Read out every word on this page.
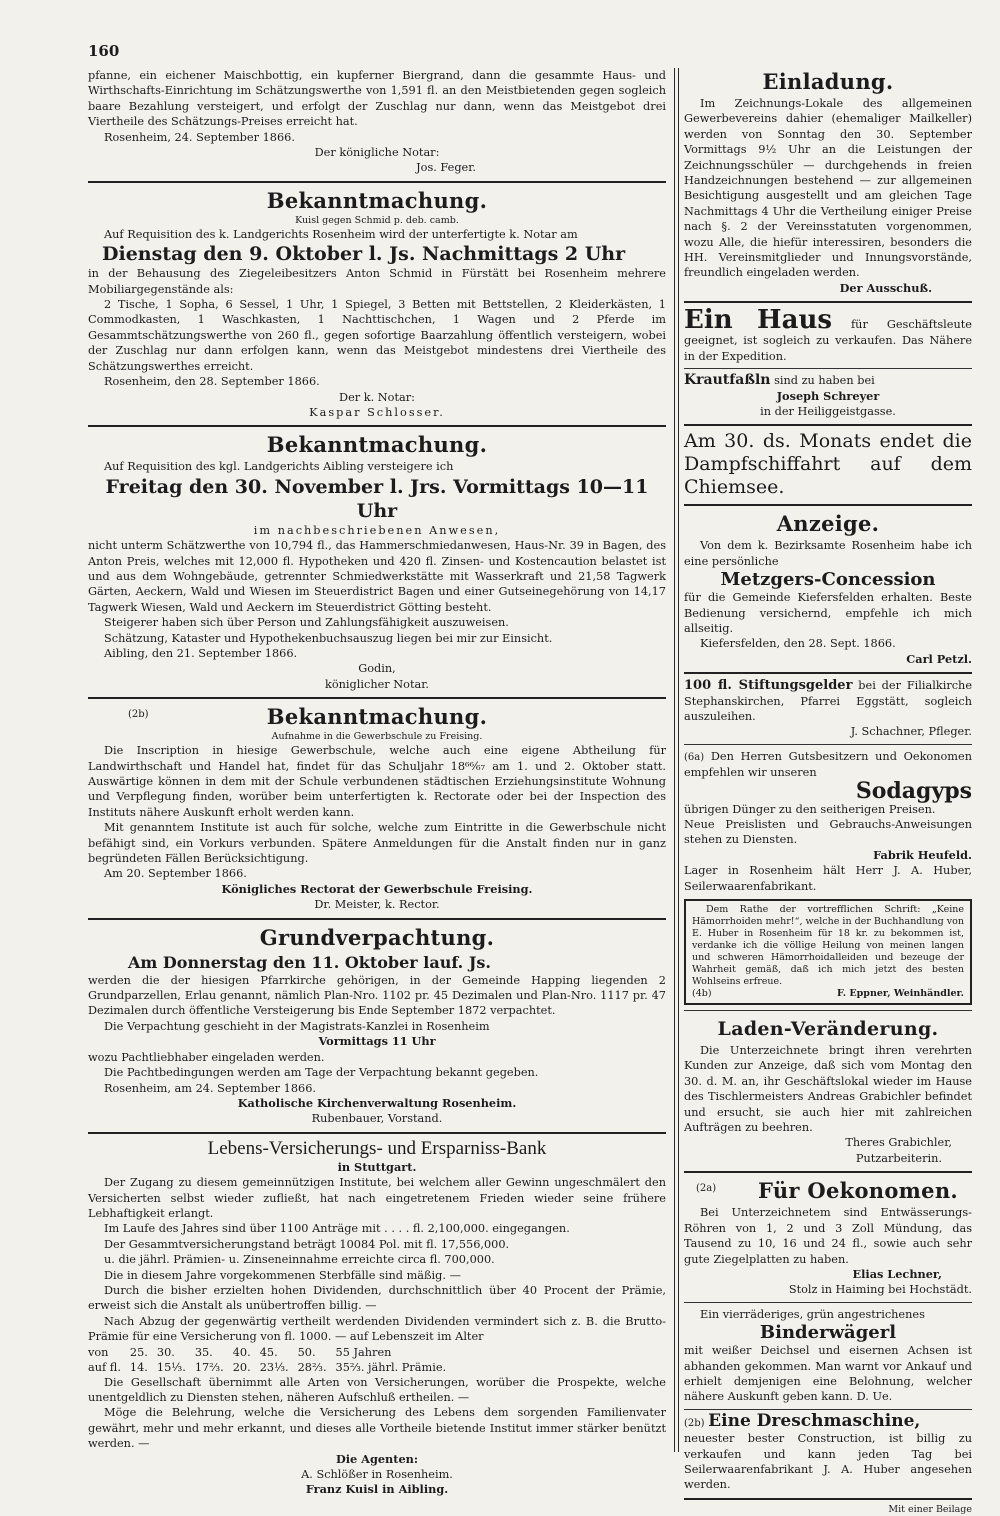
160

pfanne, ein eichener Maischbottig, ein kupferner Biergrand, dann die gesammte Haus- und Wirthschafts-Einrichtung im Schätzungswerthe von 1,591 fl. an den Meistbietenden gegen sogleich baare Bezahlung versteigert, und erfolgt der Zuschlag nur dann, wenn das Meistgebot drei Viertheile des Schätzungs-Preises erreicht hat.

Rosenheim, 24. September 1866.

Der königliche Notar:

Jos. Feger.

Bekanntmachung.

Kuisl gegen Schmid p. deb. camb.

Auf Requisition des k. Landgerichts Rosenheim wird der unterfertigte k. Notar am

Dienstag den 9. Oktober l. Js. Nachmittags 2 Uhr

in der Behausung des Ziegeleibesitzers Anton Schmid in Fürstätt bei Rosenheim mehrere Mobiliargegenstände als:

2 Tische, 1 Sopha, 6 Sessel, 1 Uhr, 1 Spiegel, 3 Betten mit Bettstellen, 2 Kleiderkästen, 1 Commodkasten, 1 Waschkasten, 1 Nachttischchen, 1 Wagen und 2 Pferde im Gesammtschätzungswerthe von 260 fl., gegen sofortige Baarzahlung öffentlich versteigern, wobei der Zuschlag nur dann erfolgen kann, wenn das Meistgebot mindestens drei Viertheile des Schätzungswerthes erreicht.

Rosenheim, den 28. September 1866.

Der k. Notar:

Kaspar Schlosser.

Bekanntmachung.

Auf Requisition des kgl. Landgerichts Aibling versteigere ich

Freitag den 30. November l. Jrs. Vormittags 10—11 Uhr

im nachbeschriebenen Anwesen,

nicht unterm Schätzwerthe von 10,794 fl., das Hammerschmiedanwesen, Haus-Nr. 39 in Bagen, des Anton Preis, welches mit 12,000 fl. Hypotheken und 420 fl. Zinsen- und Kostencaution belastet ist und aus dem Wohngebäude, getrennter Schmiedwerkstätte mit Wasserkraft und 21,58 Tagwerk Gärten, Aeckern, Wald und Wiesen im Steuerdistrict Bagen und einer Gutseinegehörung von 14,17 Tagwerk Wiesen, Wald und Aeckern im Steuerdistrict Götting besteht.

Steigerer haben sich über Person und Zahlungsfähigkeit auszuweisen.

Schätzung, Kataster und Hypothekenbuchsauszug liegen bei mir zur Einsicht.

Aibling, den 21. September 1866.

Godin,

königlicher Notar.

(2b)	Bekanntmachung.

Aufnahme in die Gewerbschule zu Freising.

Die Inscription in hiesige Gewerbschule, welche auch eine eigene Abtheilung für Landwirthschaft und Handel hat, findet für das Schuljahr 18⁶⁶⁄₆₇ am 1. und 2. Oktober statt. Auswärtige können in dem mit der Schule verbundenen städtischen Erziehungsinstitute Wohnung und Verpflegung finden, worüber beim unterfertigten k. Rectorate oder bei der Inspection des Instituts nähere Auskunft erholt werden kann.

Mit genanntem Institute ist auch für solche, welche zum Eintritte in die Gewerbschule nicht befähigt sind, ein Vorkurs verbunden. Spätere Anmeldungen für die Anstalt finden nur in ganz begründeten Fällen Berücksichtigung.

Am 20. September 1866.

Königliches Rectorat der Gewerbschule Freising.

Dr. Meister, k. Rector.

Grundverpachtung.

Am Donnerstag den 11. Oktober lauf. Js.

werden die der hiesigen Pfarrkirche gehörigen, in der Gemeinde Happing liegenden 2 Grundparzellen, Erlau genannt, nämlich Plan-Nro. 1102 pr. 45 Dezimalen und Plan-Nro. 1117 pr. 47 Dezimalen durch öffentliche Versteigerung bis Ende September 1872 verpachtet.

Die Verpachtung geschieht in der Magistrats-Kanzlei in Rosenheim

Vormittags 11 Uhr

wozu Pachtliebhaber eingeladen werden.

Die Pachtbedingungen werden am Tage der Verpachtung bekannt gegeben.

Rosenheim, am 24. September 1866.

Katholische Kirchenverwaltung Rosenheim.

Rubenbauer, Vorstand.

Lebens-Versicherungs- und Ersparniss-Bank

in Stuttgart.

Der Zugang zu diesem gemeinnützigen Institute, bei welchem aller Gewinn ungeschmälert den Versicherten selbst wieder zufließt, hat nach eingetretenem Frieden wieder seine frühere Lebhaftigkeit erlangt.

Im Laufe des Jahres sind über 1100 Anträge mit . . . . fl. 2,100,000. eingegangen.

Der Gesammtversicherungstand beträgt 10084 Pol. mit fl. 17,556,000.

u. die jährl. Prämien- u. Zinseneinnahme erreichte circa fl. 700,000.

Die in diesem Jahre vorgekommenen Sterbfälle sind mäßig. —

Durch die bisher erzielten hohen Dividenden, durchschnittlich über 40 Procent der Prämie, erweist sich die Anstalt als unübertroffen billig. —

Nach Abzug der gegenwärtig vertheilt werdenden Dividenden vermindert sich z. B. die Brutto-Prämie für eine Versicherung von fl. 1000. — auf Lebenszeit im Alter

von	25.	30.	35.	40.	45.	50.	55 Jahren
auf fl.	14.	15⅓.	17⅔.	20.	23⅓.	28⅔.	35⅔. jährl. Prämie.

Die Gesellschaft übernimmt alle Arten von Versicherungen, worüber die Prospekte, welche unentgeldlich zu Diensten stehen, näheren Aufschluß ertheilen. —

Möge die Belehrung, welche die Versicherung des Lebens dem sorgenden Familienvater gewährt, mehr und mehr erkannt, und dieses alle Vortheile bietende Institut immer stärker benützt werden. —

Die Agenten:

A. Schlößer in Rosenheim.

Franz Kuisl in Aibling.

Einladung.

Im Zeichnungs-Lokale des allgemeinen Gewerbevereins dahier (ehemaliger Mailkeller) werden von Sonntag den 30. September Vormittags 9½ Uhr an die Leistungen der Zeichnungsschüler — durchgehends in freien Handzeichnungen bestehend — zur allgemeinen Besichtigung ausgestellt und am gleichen Tage Nachmittags 4 Uhr die Vertheilung einiger Preise nach §. 2 der Vereinsstatuten vorgenommen, wozu Alle, die hiefür interessiren, besonders die HH. Vereinsmitglieder und Innungsvorstände, freundlich eingeladen werden.

Der Ausschuß.

Ein Haus für Geschäftsleute geeignet, ist sogleich zu verkaufen. Das Nähere in der Expedition.

Krautfaßln sind zu haben bei

Joseph Schreyer

in der Heiliggeistgasse.

Am 30. ds. Monats endet die Dampfschiffahrt auf dem Chiemsee.

Anzeige.

Von dem k. Bezirksamte Rosenheim habe ich eine persönliche

Metzgers-Concession

für die Gemeinde Kiefersfelden erhalten. Beste Bedienung versichernd, empfehle ich mich allseitig.

Kiefersfelden, den 28. Sept. 1866.

Carl Petzl.

100 fl. Stiftungsgelder bei der Filialkirche Stephanskirchen, Pfarrei Eggstätt, sogleich auszuleihen.

J. Schachner, Pfleger.

(6a) Den Herren Gutsbesitzern und Oekonomen empfehlen wir unseren

Sodagyps

übrigen Dünger zu den seitherigen Preisen.

Neue Preislisten und Gebrauchs-Anweisungen stehen zu Diensten.

Fabrik Heufeld.

Lager in Rosenheim hält Herr J. A. Huber, Seilerwaarenfabrikant.

Dem Rathe der vortrefflichen Schrift: „Keine Hämorrhoiden mehr!“, welche in der Buchhandlung von E. Huber in Rosenheim für 18 kr. zu bekommen ist, verdanke ich die völlige Heilung von meinen langen und schweren Hämorrhoidalleiden und bezeuge der Wahrheit gemäß, daß ich mich jetzt des besten Wohlseins erfreue.

(4b)	F. Eppner, Weinhändler.

Laden-Veränderung.

Die Unterzeichnete bringt ihren verehrten Kunden zur Anzeige, daß sich vom Montag den 30. d. M. an, ihr Geschäftslokal wieder im Hause des Tischlermeisters Andreas Grabichler befindet und ersucht, sie auch hier mit zahlreichen Aufträgen zu beehren.

Theres Grabichler,

Putzarbeiterin.

(2a)	Für Oekonomen.

Bei Unterzeichnetem sind Entwässerungs-Röhren von 1, 2 und 3 Zoll Mündung, das Tausend zu 10, 16 und 24 fl., sowie auch sehr gute Ziegelplatten zu haben.

Elias Lechner,

Stolz in Haiming bei Hochstädt.

Ein vierräderiges, grün angestrichenes

Binderwägerl

mit weißer Deichsel und eisernen Achsen ist abhanden gekommen. Man warnt vor Ankauf und erhielt demjenigen eine Belohnung, welcher nähere Auskunft geben kann. D. Ue.

(2b) Eine Dreschmaschine,

neuester bester Construction, ist billig zu verkaufen und kann jeden Tag bei Seilerwaarenfabrikant J. A. Huber angesehen werden.

Mit einer Beilage
